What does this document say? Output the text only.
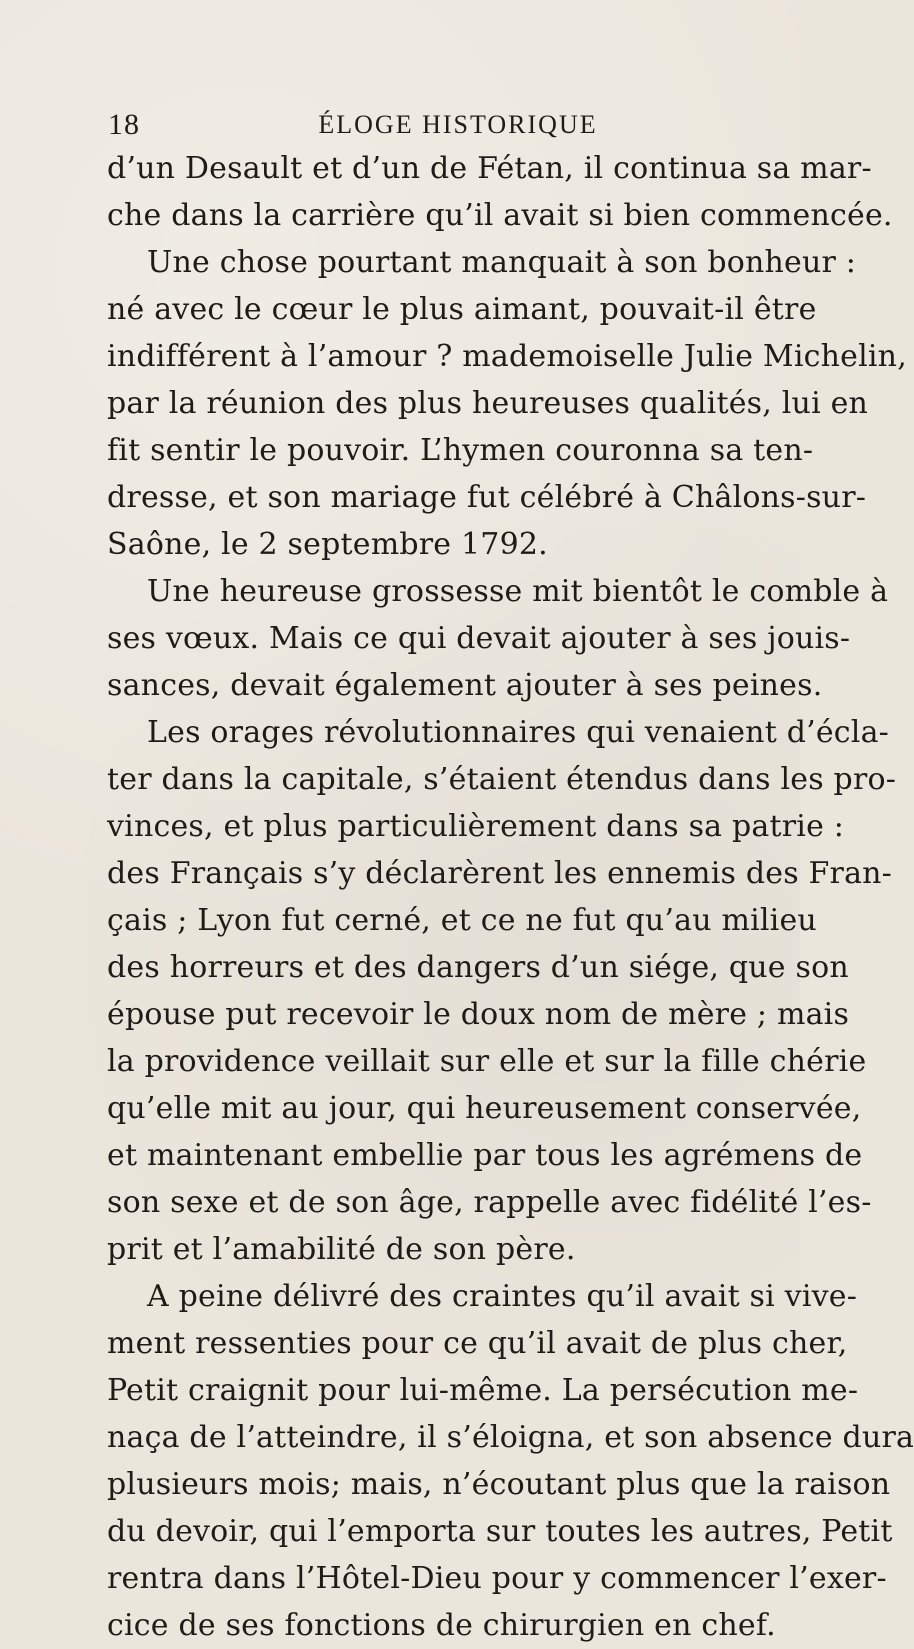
18	ÉLOGE HISTORIQUE
d’un Desault et d’un de Fétan, il continua sa mar-
che dans la carrière qu’il avait si bien commencée.
Une chose pourtant manquait à son bonheur :
né avec le cœur le plus aimant, pouvait-il être
indifférent à l’amour ? mademoiselle Julie Michelin,
par la réunion des plus heureuses qualités, lui en
fit sentir le pouvoir. L’hymen couronna sa ten-
dresse, et son mariage fut célébré à Châlons-sur-
Saône, le 2 septembre 1792.
Une heureuse grossesse mit bientôt le comble à
ses vœux. Mais ce qui devait ajouter à ses jouis-
sances, devait également ajouter à ses peines.
Les orages révolutionnaires qui venaient d’écla-
ter dans la capitale, s’étaient étendus dans les pro-
vinces, et plus particulièrement dans sa patrie :
des Français s’y déclarèrent les ennemis des Fran-
çais ; Lyon fut cerné, et ce ne fut qu’au milieu
des horreurs et des dangers d’un siége, que son
épouse put recevoir le doux nom de mère ; mais
la providence veillait sur elle et sur la fille chérie
qu’elle mit au jour, qui heureusement conservée,
et maintenant embellie par tous les agrémens de
son sexe et de son âge, rappelle avec fidélité l’es-
prit et l’amabilité de son père.
A peine délivré des craintes qu’il avait si vive-
ment ressenties pour ce qu’il avait de plus cher,
Petit craignit pour lui-même. La persécution me-
naça de l’atteindre, il s’éloigna, et son absence dura
plusieurs mois; mais, n’écoutant plus que la raison
du devoir, qui l’emporta sur toutes les autres, Petit
rentra dans l’Hôtel-Dieu pour y commencer l’exer-
cice de ses fonctions de chirurgien en chef.
